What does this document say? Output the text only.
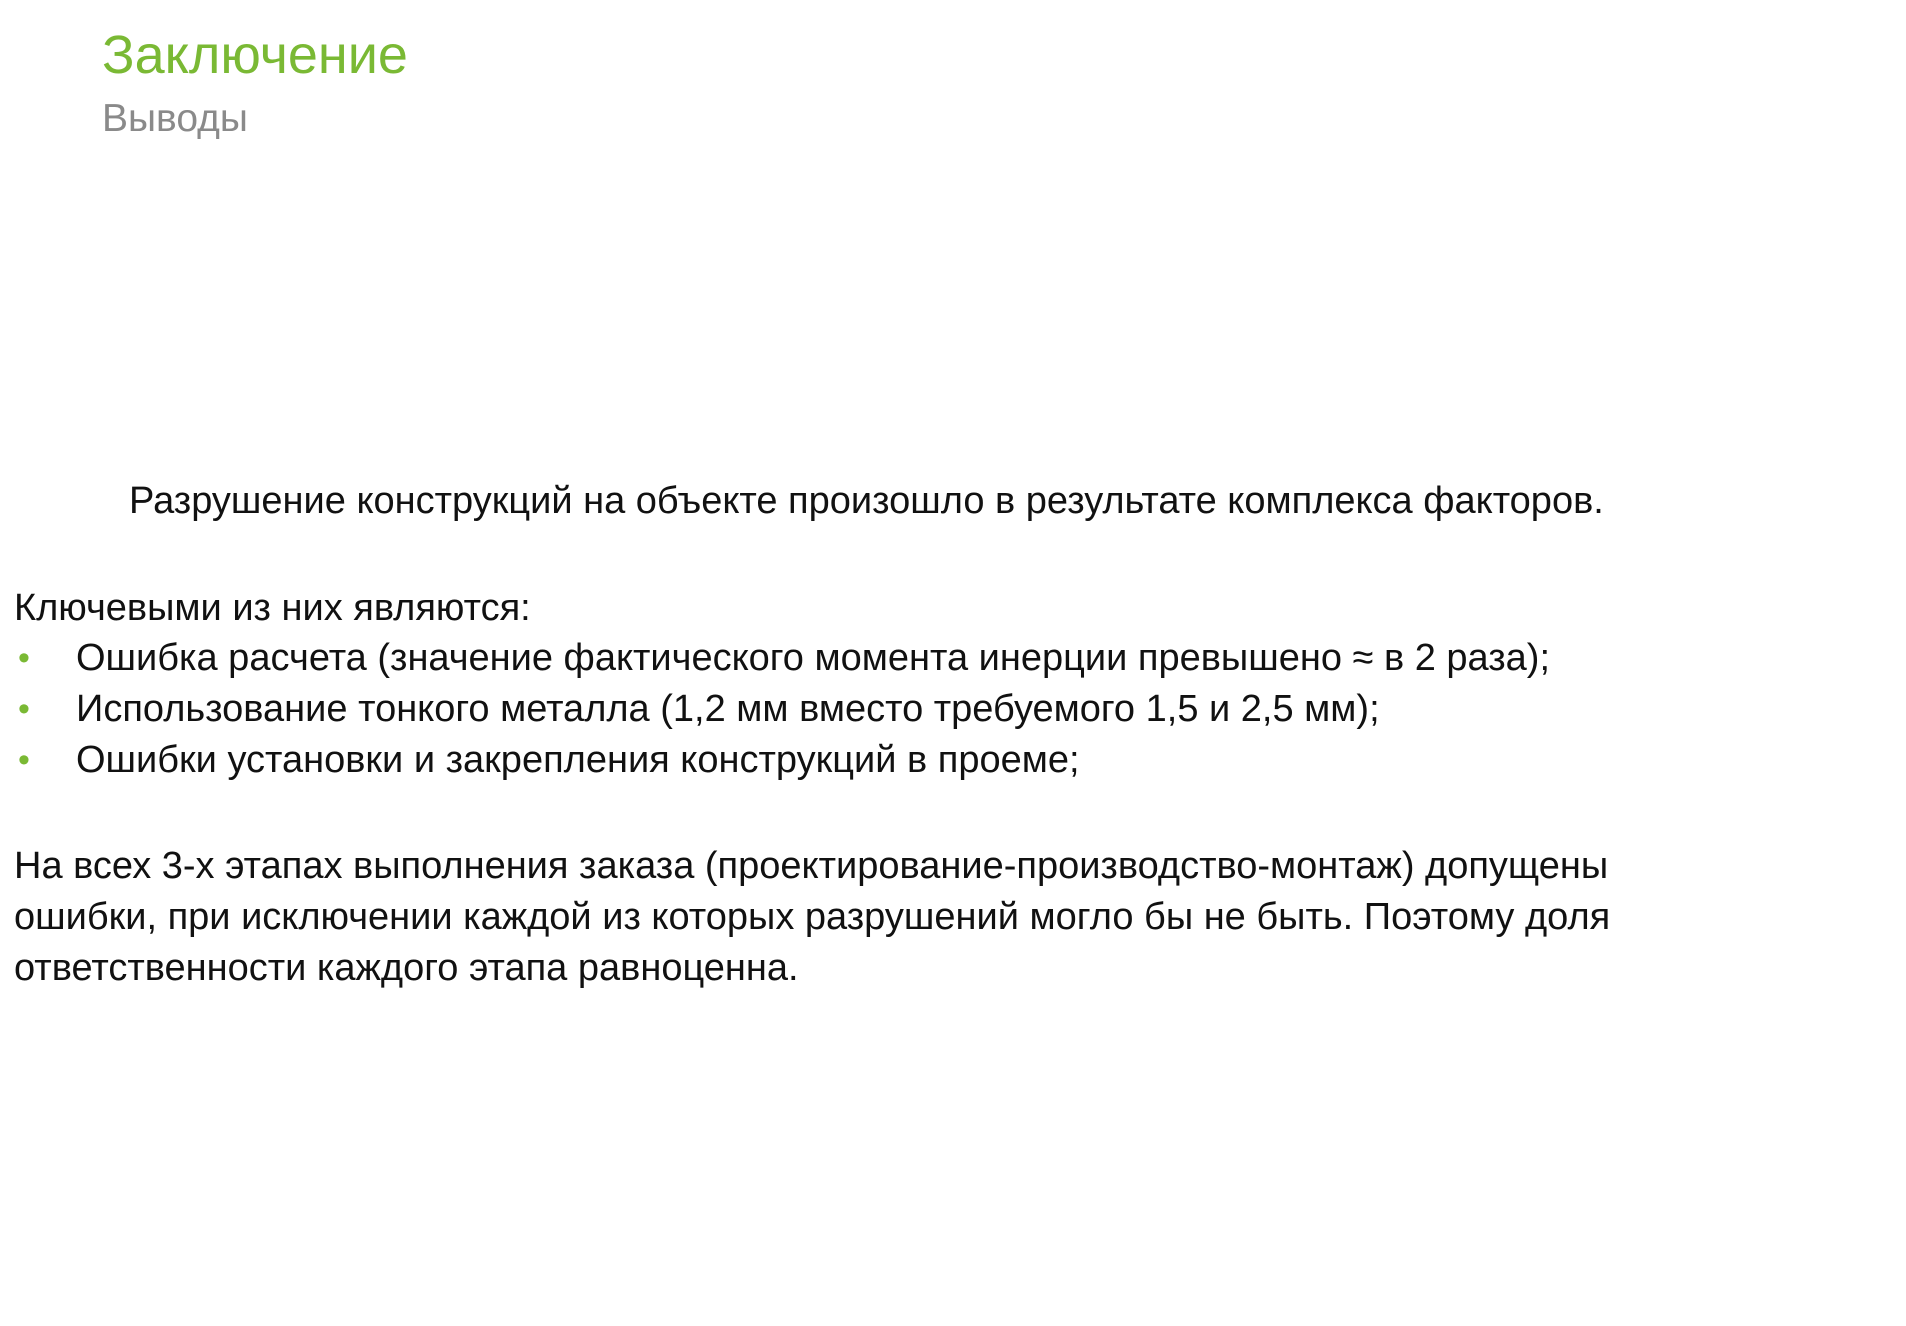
Заключение
Выводы
Разрушение конструкций на объекте произошло в результате комплекса факторов.
Ключевыми из них являются:
• Ошибка расчета (значение фактического момента инерции превышено ≈ в 2 раза);
• Использование тонкого металла (1,2 мм вместо требуемого 1,5 и 2,5 мм);
• Ошибки установки и закрепления конструкций в проеме;
На всех 3-х этапах выполнения заказа (проектирование-производство-монтаж) допущены
ошибки, при исключении каждой из которых разрушений могло бы не быть. Поэтому доля
ответственности каждого этапа равноценна.
